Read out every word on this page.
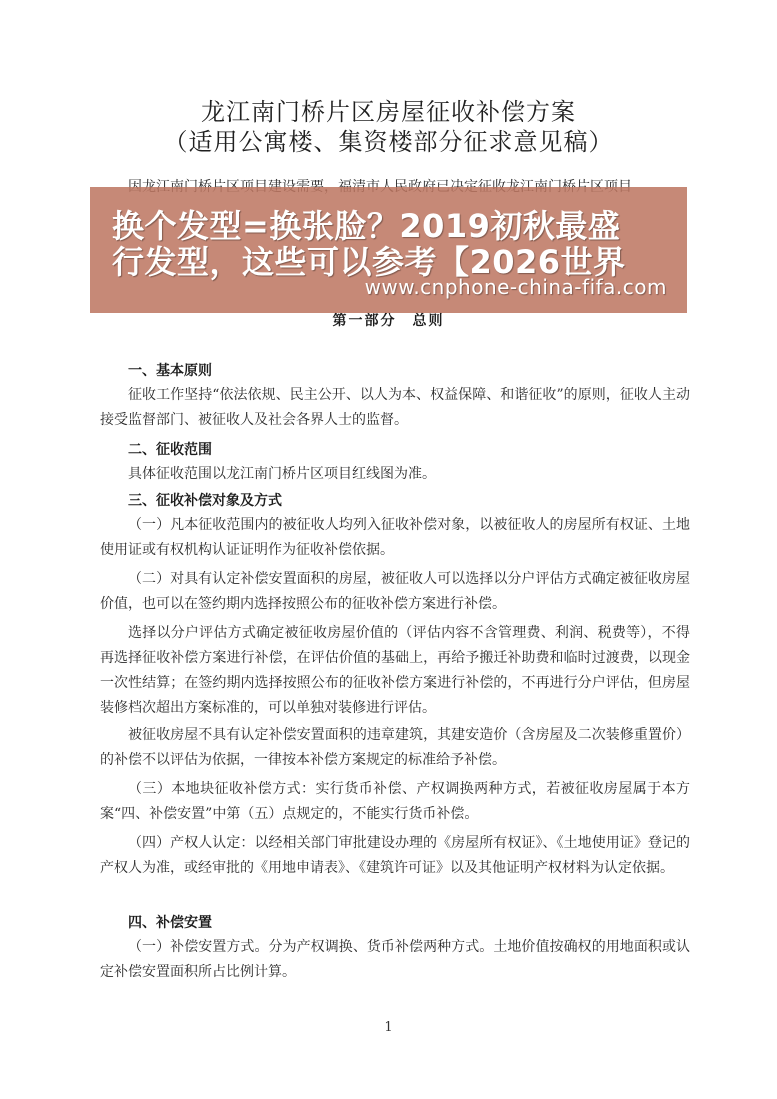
龙江南门桥片区房屋征收补偿方案
（适用公寓楼、集资楼部分征求意见稿）
第一部分　总则
一、基本原则
征收工作坚持“依法依规、民主公开、以人为本、权益保障、和谐征收”的原则，征收人主动接受监督部门、被征收人及社会各界人士的监督。
二、征收范围
具体征收范围以龙江南门桥片区项目红线图为准。
三、征收补偿对象及方式
（一）凡本征收范围内的被征收人均列入征收补偿对象，以被征收人的房屋所有权证、土地使用证或有权机构认证证明作为征收补偿依据。
（二）对具有认定补偿安置面积的房屋，被征收人可以选择以分户评估方式确定被征收房屋价值，也可以在签约期内选择按照公布的征收补偿方案进行补偿。
选择以分户评估方式确定被征收房屋价值的（评估内容不含管理费、利润、税费等），不得再选择征收补偿方案进行补偿，在评估价值的基础上，再给予搬迁补助费和临时过渡费，以现金一次性结算；在签约期内选择按照公布的征收补偿方案进行补偿的，不再进行分户评估，但房屋装修档次超出方案标准的，可以单独对装修进行评估。
被征收房屋不具有认定补偿安置面积的违章建筑，其建安造价（含房屋及二次装修重置价）的补偿不以评估为依据，一律按本补偿方案规定的标准给予补偿。
（三）本地块征收补偿方式：实行货币补偿、产权调换两种方式，若被征收房屋属于本方案“四、补偿安置”中第（五）点规定的，不能实行货币补偿。
（四）产权人认定：以经相关部门审批建设办理的《房屋所有权证》、《土地使用证》登记的产权人为准，或经审批的《用地申请表》、《建筑许可证》以及其他证明产权材料为认定依据。
四、补偿安置
（一）补偿安置方式。分为产权调换、货币补偿两种方式。土地价值按确权的用地面积或认定补偿安置面积所占比例计算。
1
换个发型=换张脸？2019初秋最盛
行发型，这些可以参考【2026世界
www.cnphone-china-fifa.com
